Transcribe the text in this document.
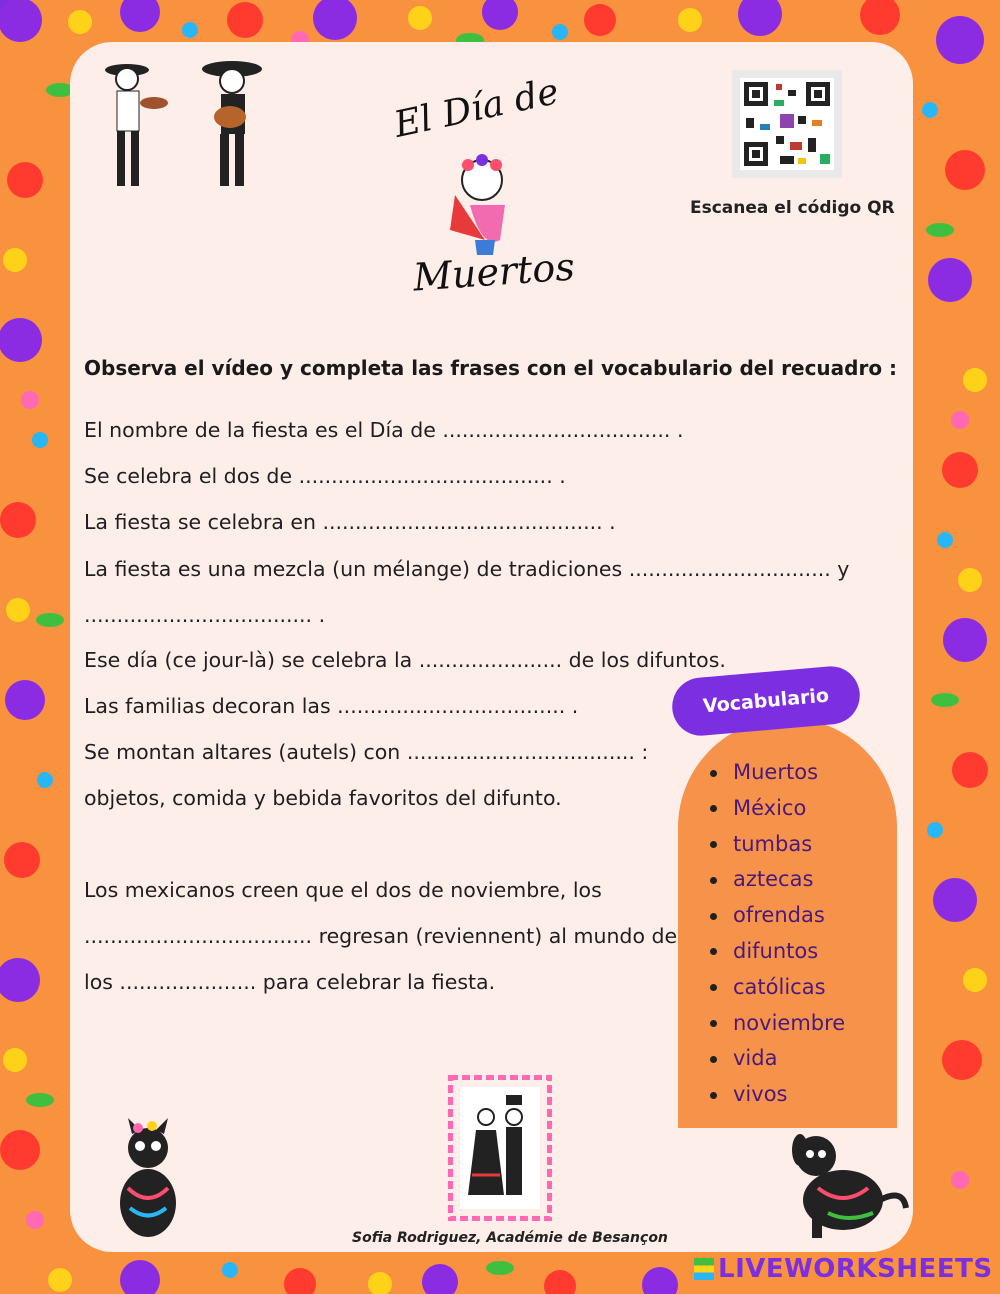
El Día de
Muertos
Escanea el código QR
Observa el vídeo y completa las frases con el vocabulario del recuadro :
El nombre de la fiesta es el Día de ................................... .
Se celebra el dos de ....................................... .
La fiesta se celebra en ........................................... .
La fiesta es una mezcla (un mélange) de tradiciones ............................... y
................................... .
Ese día (ce jour-là) se celebra la ...................... de los difuntos.
Las familias decoran las ................................... .
Se montan altares (autels) con ................................... :
objetos, comida y bebida favoritos del difunto.
Los mexicanos creen que el dos de noviembre, los
................................... regresan (reviennent) al mundo de
los ..................... para celebrar la fiesta.
Vocabulario
Muertos
México
tumbas
aztecas
ofrendas
difuntos
católicas
noviembre
vida
vivos
Sofia Rodriguez, Académie de Besançon
LIVEWORKSHEETS
